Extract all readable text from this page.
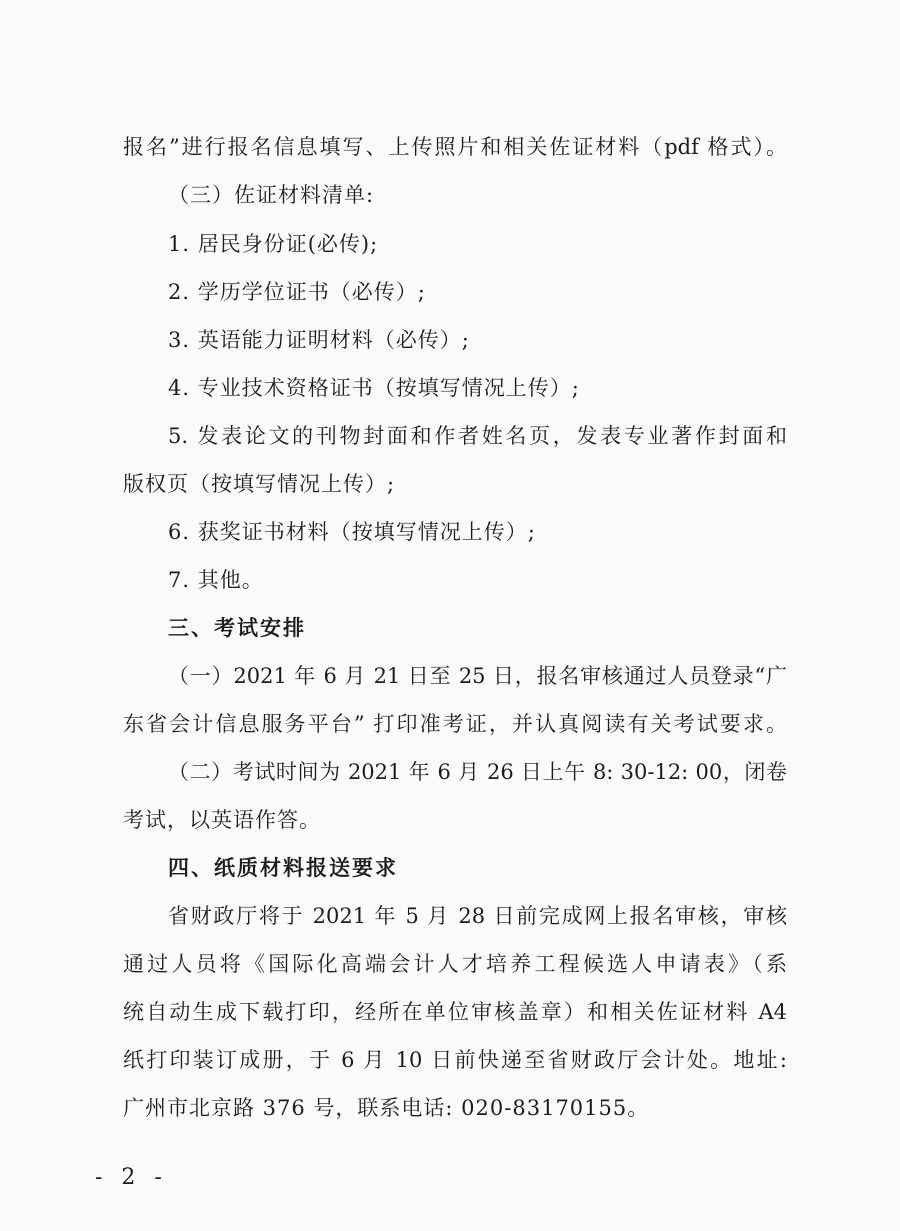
报名”进行报名信息填写、上传照片和相关佐证材料（pdf 格式）。
（三）佐证材料清单:
1. 居民身份证(必传);
2. 学历学位证书（必传）;
3. 英语能力证明材料（必传）;
4. 专业技术资格证书（按填写情况上传）;
5. 发表论文的刊物封面和作者姓名页，发表专业著作封面和
版权页（按填写情况上传）;
6. 获奖证书材料（按填写情况上传）;
7. 其他。
三、考试安排
（一）2021 年 6 月 21 日至 25 日，报名审核通过人员登录“广
东省会计信息服务平台” 打印准考证，并认真阅读有关考试要求。
（二）考试时间为 2021 年 6 月 26 日上午 8: 30-12: 00，闭卷
考试，以英语作答。
四、纸质材料报送要求
省财政厅将于 2021 年 5 月 28 日前完成网上报名审核，审核
通过人员将《国际化高端会计人才培养工程候选人申请表》（系
统自动生成下载打印，经所在单位审核盖章）和相关佐证材料 A4
纸打印装订成册，于 6 月 10 日前快递至省财政厅会计处。地址:
广州市北京路 376 号，联系电话: 020-83170155。
- 2 -
